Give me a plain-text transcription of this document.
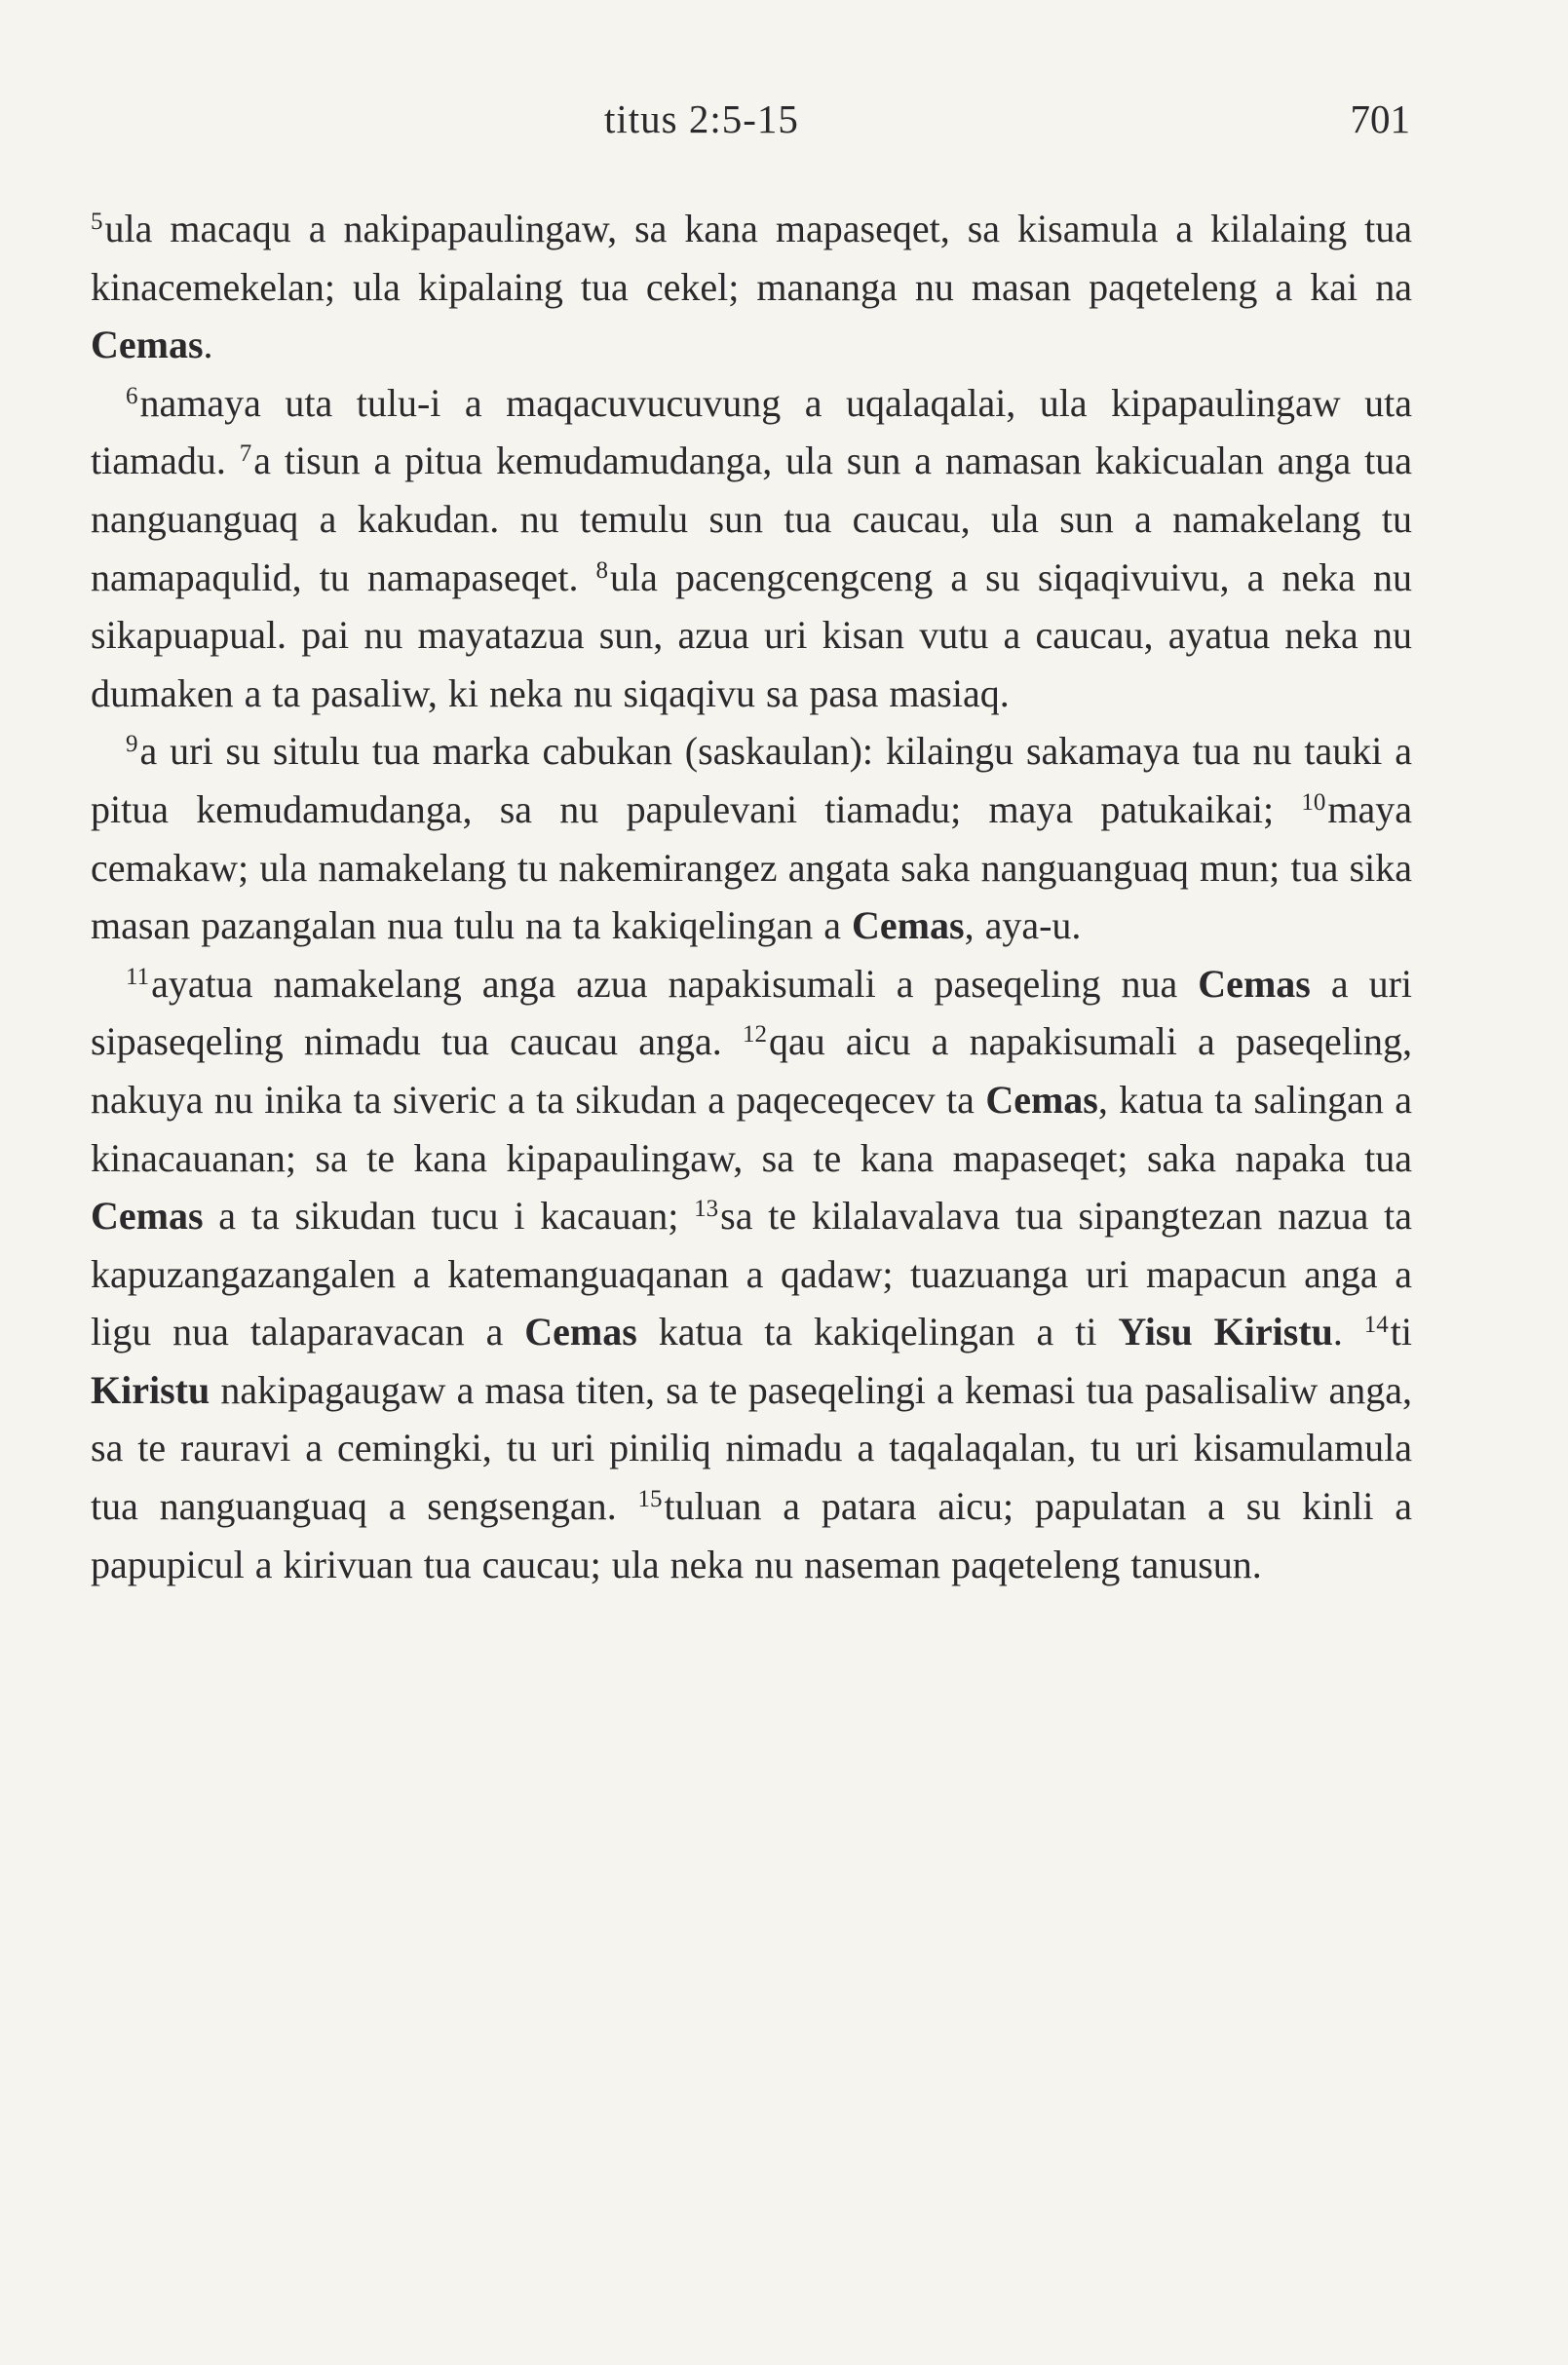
titus 2:5-15	701

$^5$ula macaqu a nakipapaulingaw, sa kana mapaseqet, sa kisamula a kilalaing tua kinacemekelan; ula kipalaing tua cekel; mananga nu masan paqeteleng a kai na Cemas.

$^6$namaya uta tulu-i a maqacuvucuvung a uqalaqalai, ula kipapaulingaw uta tiamadu. $^7$a tisun a pitua kemudamudanga, ula sun a namasan kakicualan anga tua nanguanguaq a kakudan. nu temulu sun tua caucau, ula sun a namakelang tu namapaqulid, tu namapaseqet. $^8$ula pacengcengceng a su siqaqivuivu, a neka nu sikapuapual. pai nu mayatazua sun, azua uri kisan vutu a caucau, ayatua neka nu dumaken a ta pasaliw, ki neka nu siqaqivu sa pasa masiaq.

$^9$a uri su situlu tua marka cabukan (saskaulan): kilaingu sakamaya tua nu tauki a pitua kemudamudanga, sa nu papulevani tiamadu; maya patukaikai; $^{10}$maya cemakaw; ula namakelang tu nakemirangez angata saka nanguanguaq mun; tua sika masan pazangalan nua tulu na ta kakiqelingan a Cemas, aya-u.

$^{11}$ayatua namakelang anga azua napakisumali a paseqeling nua Cemas a uri sipaseqeling nimadu tua caucau anga. $^{12}$qau aicu a napakisumali a paseqeling, nakuya nu inika ta siveric a ta sikudan a paqeceqecev ta Cemas, katua ta salingan a kinacauanan; sa te kana kipapaulingaw, sa te kana mapaseqet; saka napaka tua Cemas a ta sikudan tucu i kacauan; $^{13}$sa te kilalavalava tua sipangtezan nazua ta kapuzangazangalen a katemanguaqanan a qadaw; tuazuanga uri mapacun anga a ligu nua talaparavacan a Cemas katua ta kakiqelingan a ti Yisu Kiristu. $^{14}$ti Kiristu nakipagaugaw a masa titen, sa te paseqelingi a kemasi tua pasalisaliw anga, sa te rauravi a cemingki, tu uri piniliq nimadu a taqalaqalan, tu uri kisamulamula tua nanguanguaq a sengsengan. $^{15}$tuluan a patara aicu; papulatan a su kinli a papupicul a kirivuan tua caucau; ula neka nu naseman paqeteleng tanusun.
